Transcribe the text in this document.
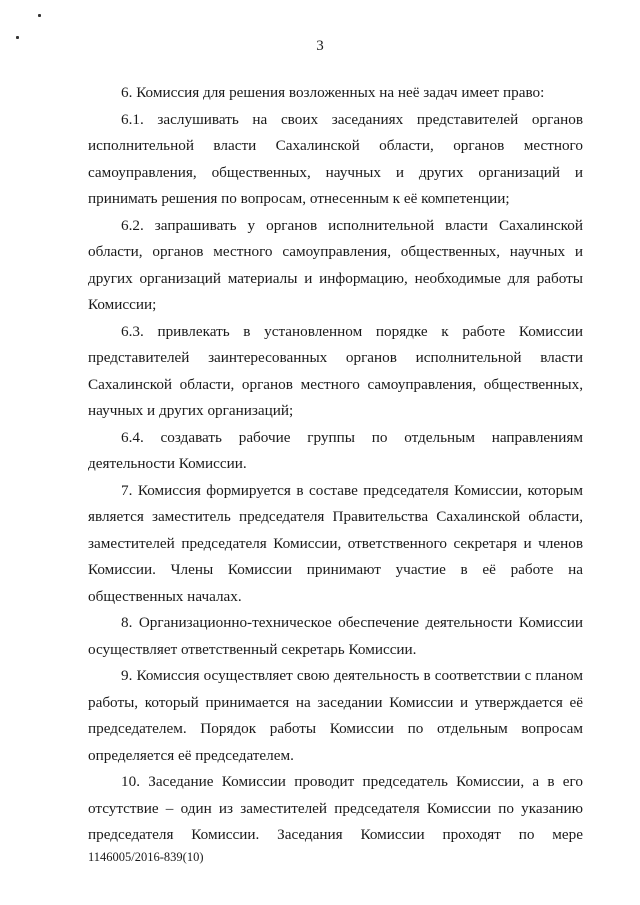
3

6. Комиссия для решения возложенных на неё задач имеет право:

6.1. заслушивать на своих заседаниях представителей органов исполнительной власти Сахалинской области, органов местного самоуправления, общественных, научных и других организаций и принимать решения по вопросам, отнесенным к её компетенции;

6.2. запрашивать у органов исполнительной власти Сахалинской области, органов местного самоуправления, общественных, научных и других организаций материалы и информацию, необходимые для работы Комиссии;

6.3. привлекать в установленном порядке к работе Комиссии представителей заинтересованных органов исполнительной власти Сахалинской области, органов местного самоуправления, общественных, научных и других организаций;

6.4. создавать рабочие группы по отдельным направлениям деятельности Комиссии.

7. Комиссия формируется в составе председателя Комиссии, которым является заместитель председателя Правительства Сахалинской области, заместителей председателя Комиссии, ответственного секретаря и членов Комиссии. Члены Комиссии принимают участие в её работе на общественных началах.

8. Организационно-техническое обеспечение деятельности Комиссии осуществляет ответственный секретарь Комиссии.

9. Комиссия осуществляет свою деятельность в соответствии с планом работы, который принимается на заседании Комиссии и утверждается её председателем. Порядок работы Комиссии по отдельным вопросам определяется её председателем.

10. Заседание Комиссии проводит председатель Комиссии, а в его отсутствие – один из заместителей председателя Комиссии по указанию председателя Комиссии. Заседания Комиссии проходят по мере

1146005/2016-839(10)
